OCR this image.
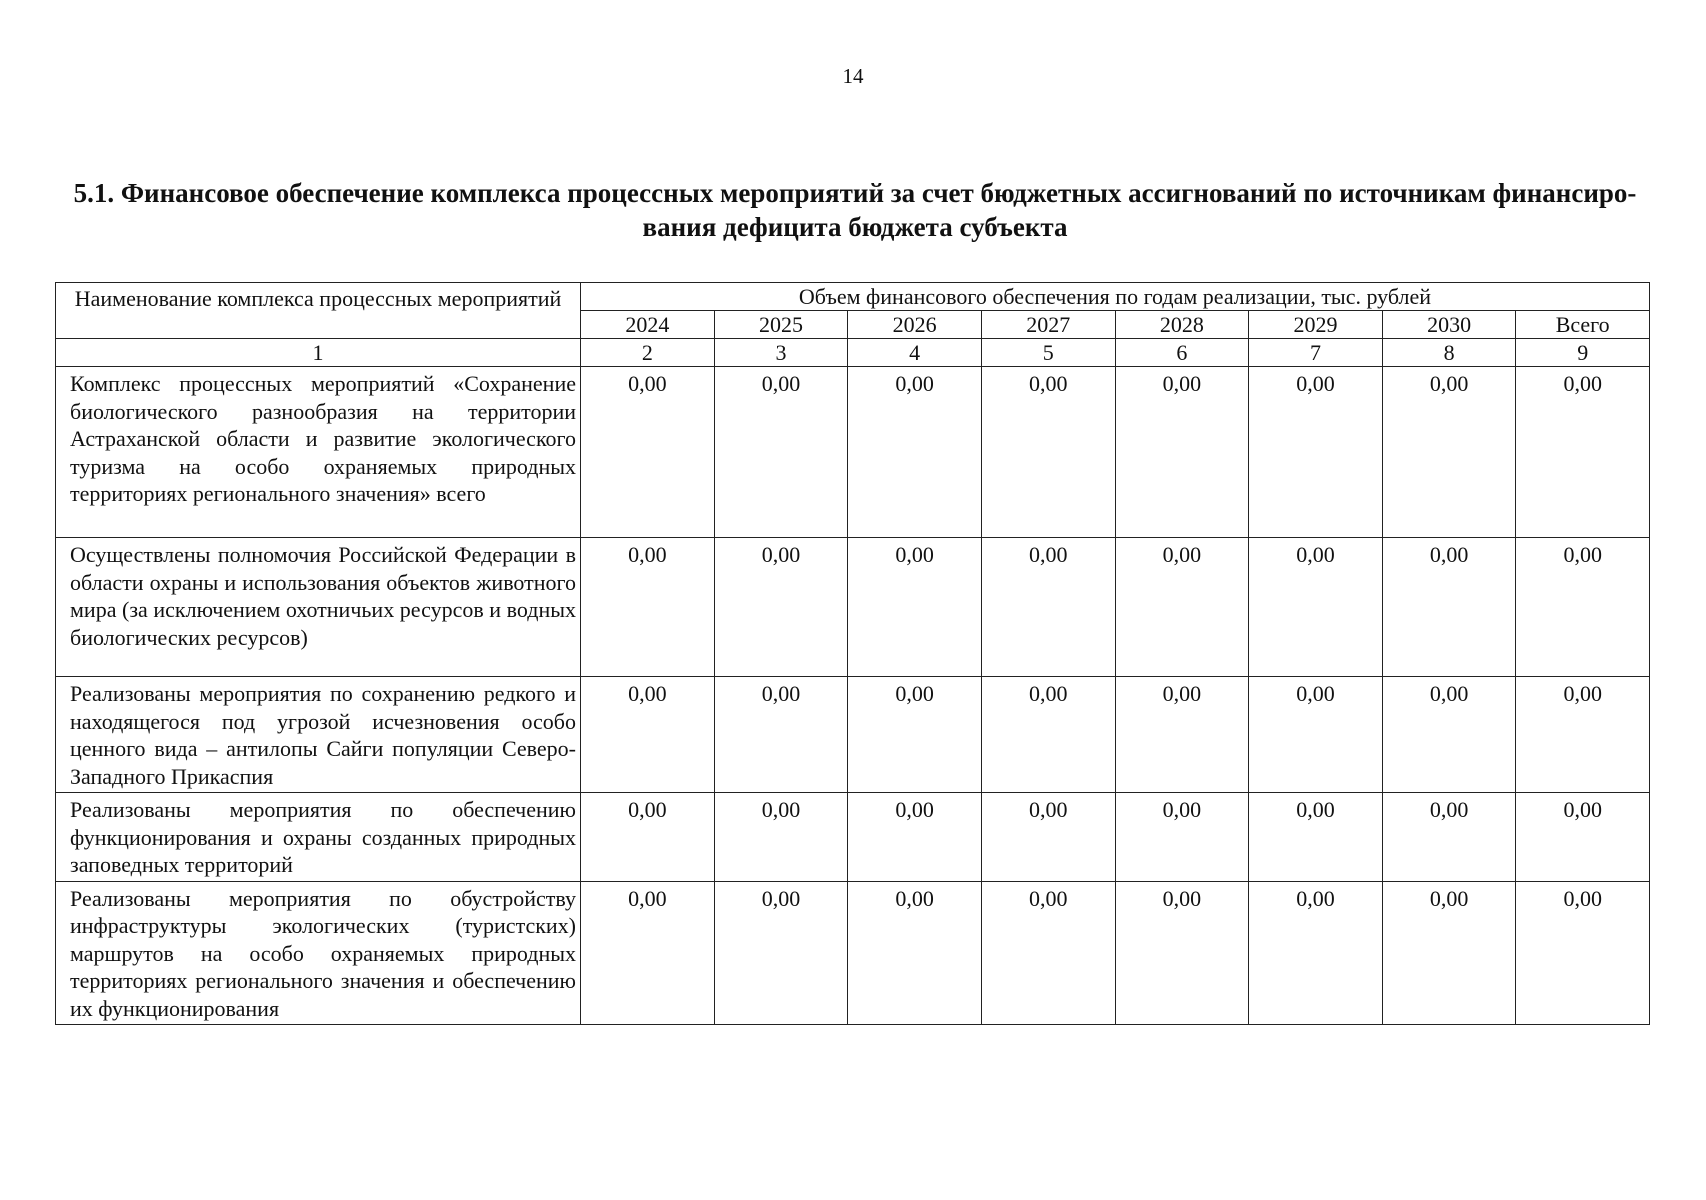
14
5.1. Финансовое обеспечение комплекса процессных мероприятий за счет бюджетных ассигнований по источникам финансиро-
вания дефицита бюджета субъекта
Наименование комплекса процессных мероприятий	Объем финансового обеспечения по годам реализации, тыс. рублей							
	2024	2025	2026	2027	2028	2029	2030	Всего
1	2	3	4	5	6	7	8	9
Комплекс процессных мероприятий «Сохранение биологического разнообразия на территории Астраханской области и развитие экологического туризма на особо охраняемых природных территориях регионального значения» всего	0,00	0,00	0,00	0,00	0,00	0,00	0,00	0,00
Осуществлены полномочия Российской Федерации в области охраны и использования объектов животного мира (за исключением охотничьих ресурсов и водных биологических ресурсов)	0,00	0,00	0,00	0,00	0,00	0,00	0,00	0,00
Реализованы мероприятия по сохранению редкого и находящегося под угрозой исчезновения особо ценного вида – антилопы Сайги популяции Северо-Западного Прикаспия	0,00	0,00	0,00	0,00	0,00	0,00	0,00	0,00
Реализованы мероприятия по обеспечению функционирования и охраны созданных природных заповедных территорий	0,00	0,00	0,00	0,00	0,00	0,00	0,00	0,00
Реализованы мероприятия по обустройству инфраструктуры экологических (туристских) маршрутов на особо охраняемых природных территориях регионального значения и обеспечению их функционирования	0,00	0,00	0,00	0,00	0,00	0,00	0,00	0,00
